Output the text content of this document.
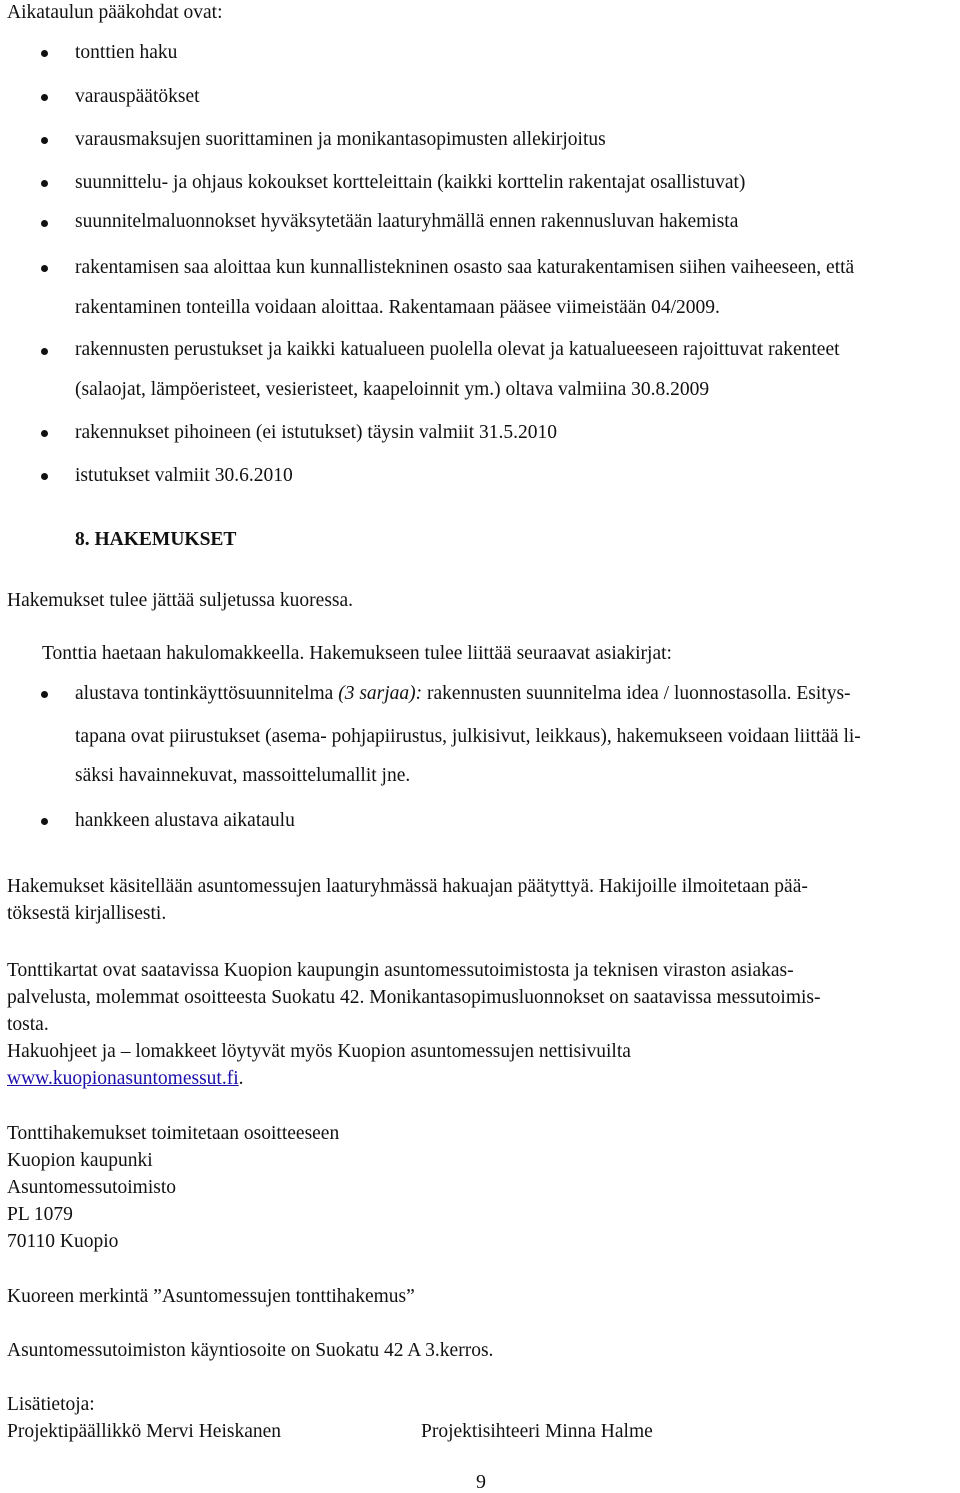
Aikataulun pääkohdat ovat:
tonttien haku
varauspäätökset
varausmaksujen suorittaminen ja monikantasopimusten allekirjoitus
suunnittelu- ja ohjaus kokoukset kortteleittain (kaikki korttelin rakentajat osallistuvat)
suunnitelmaluonnokset hyväksytetään laaturyhmällä ennen rakennusluvan hakemista
rakentamisen saa aloittaa kun kunnallistekninen osasto saa katurakentamisen siihen vaiheeseen, että
rakentaminen tonteilla voidaan aloittaa. Rakentamaan pääsee viimeistään 04/2009.
rakennusten perustukset ja kaikki katualueen puolella olevat ja katualueeseen rajoittuvat rakenteet
(salaojat, lämpöeristeet, vesieristeet, kaapeloinnit ym.) oltava valmiina 30.8.2009
rakennukset pihoineen (ei istutukset) täysin valmiit 31.5.2010
istutukset valmiit 30.6.2010
8. HAKEMUKSET
Hakemukset tulee jättää suljetussa kuoressa.
Tonttia haetaan hakulomakkeella. Hakemukseen tulee liittää seuraavat asiakirjat:
alustava tontinkäyttösuunnitelma (3 sarjaa): rakennusten suunnitelma idea / luonnostasolla. Esitys-
tapana ovat piirustukset (asema- pohjapiirustus, julkisivut, leikkaus), hakemukseen voidaan liittää li-
säksi havainnekuvat, massoittelumallit jne.
hankkeen alustava aikataulu
Hakemukset käsitellään asuntomessujen laaturyhmässä hakuajan päätyttyä. Hakijoille ilmoitetaan pää-
töksestä kirjallisesti.
Tonttikartat ovat saatavissa Kuopion kaupungin asuntomessutoimistosta ja teknisen viraston asiakas-
palvelusta, molemmat osoitteesta Suokatu 42. Monikantasopimusluonnokset on saatavissa messutoimis-
tosta.
Hakuohjeet ja – lomakkeet löytyvät myös Kuopion asuntomessujen nettisivuilta
www.kuopionasuntomessut.fi.
Tonttihakemukset toimitetaan osoitteeseen
Kuopion kaupunki
Asuntomessutoimisto
PL 1079
70110 Kuopio
Kuoreen merkintä ”Asuntomessujen tonttihakemus”
Asuntomessutoimiston käyntiosoite on Suokatu 42 A 3.kerros.
Lisätietoja:
Projektipäällikkö Mervi Heiskanen	Projektisihteeri Minna Halme
9
